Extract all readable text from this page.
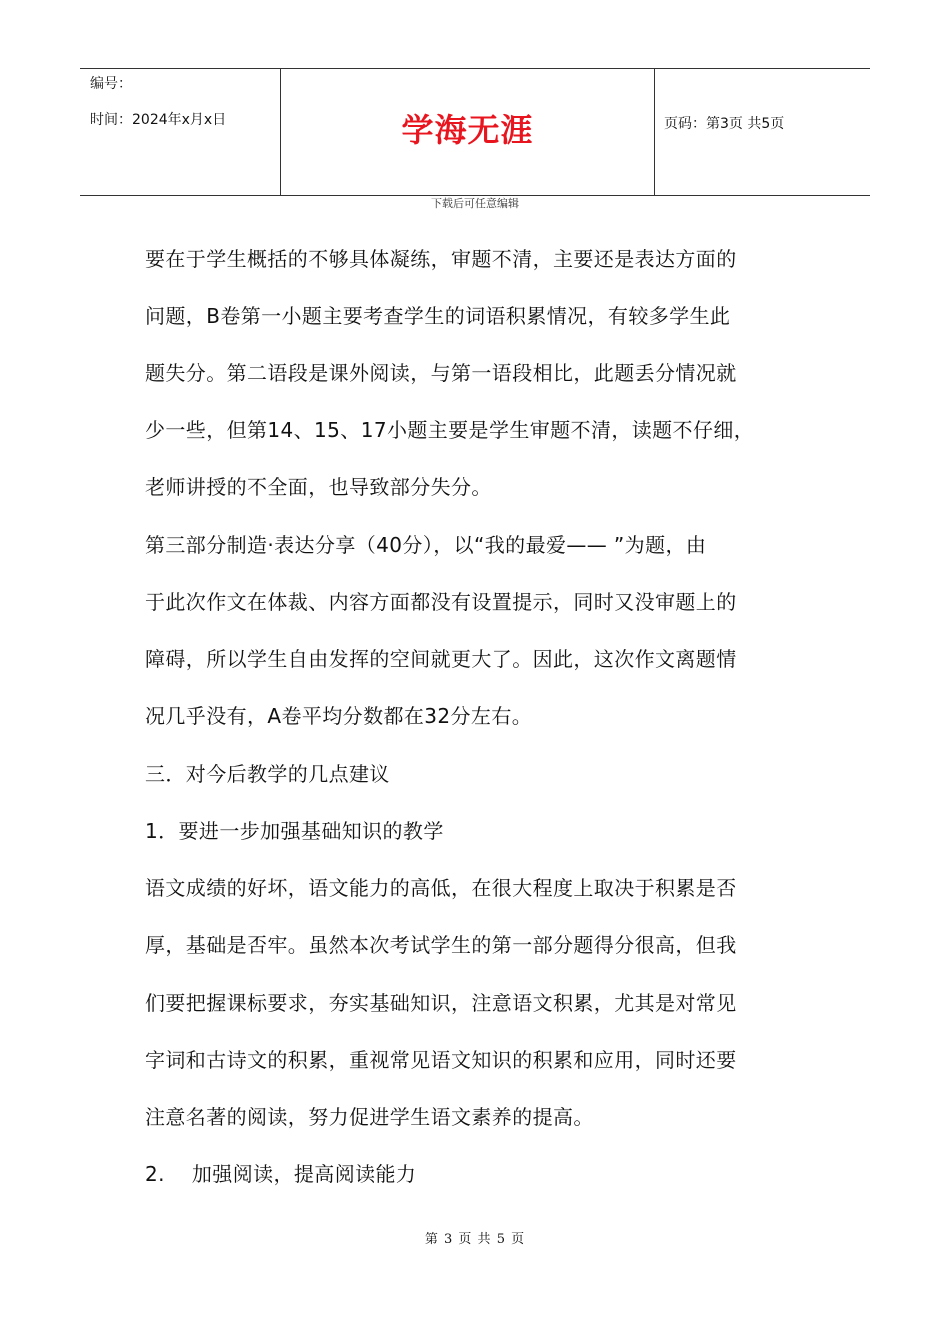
编号：
时间：2024年x月x日	学海无涯	页码：第3页 共5页
下载后可任意编辑
要在于学生概括的不够具体凝练，审题不清，主要还是表达方面的
问题，B卷第一小题主要考查学生的词语积累情况，有较多学生此
题失分。第二语段是课外阅读，与第一语段相比，此题丢分情况就
少一些，但第14、15、17小题主要是学生审题不清，读题不仔细，
老师讲授的不全面，也导致部分失分。
第三部分制造·表达分享（40分），以“我的最爱—— ”为题，由
于此次作文在体裁、内容方面都没有设置提示，同时又没审题上的
障碍，所以学生自由发挥的空间就更大了。因此，这次作文离题情
况几乎没有，A卷平均分数都在32分左右。
三．对今后教学的几点建议
1．要进一步加强基础知识的教学
语文成绩的好坏，语文能力的高低，在很大程度上取决于积累是否
厚，基础是否牢。虽然本次考试学生的第一部分题得分很高，但我
们要把握课标要求，夯实基础知识，注意语文积累，尤其是对常见
字词和古诗文的积累，重视常见语文知识的积累和应用，同时还要
注意名著的阅读，努力促进学生语文素养的提高。
2.    加强阅读，提高阅读能力
第 3 页 共 5 页
